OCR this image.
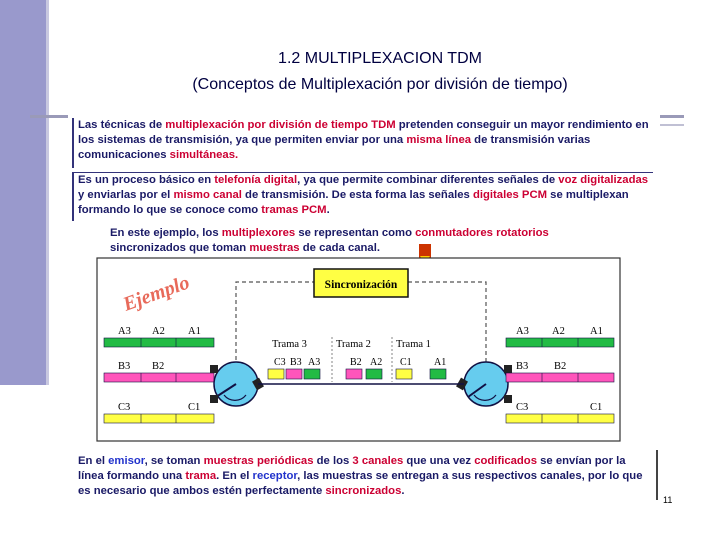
1.2 MULTIPLEXACION TDM
(Conceptos de Multiplexación por división de tiempo)
Las técnicas de multiplexación por división de tiempo TDM pretenden conseguir un mayor rendimiento en los sistemas de transmisión, ya que permiten enviar por una misma línea de transmisión varias comunicaciones simultáneas.
Es un proceso básico en telefonía digital, ya que permite combinar diferentes señales de voz digitalizadas y enviarlas por el mismo canal de transmisión. De esta forma las señales digitales PCM se multiplexan formando lo que se conoce como tramas PCM.
En este ejemplo, los multiplexores se representan como conmutadores rotatorios sincronizados que toman muestras de cada canal.
Sincronización
Ejemplo
A3 A2 A1
B3 B2
C3	C1
Trama 3	Trama 2 Trama 1
C3 B3 A3	B2 A2 C1 A1
A3 A2 A1
B3 B2
C3	C1
En el emisor, se toman muestras periódicas de los 3 canales que una vez codificados se envían por la línea formando una trama. En el receptor, las muestras se entregan a sus respectivos canales, por lo que es necesario que ambos estén perfectamente sincronizados.
11
